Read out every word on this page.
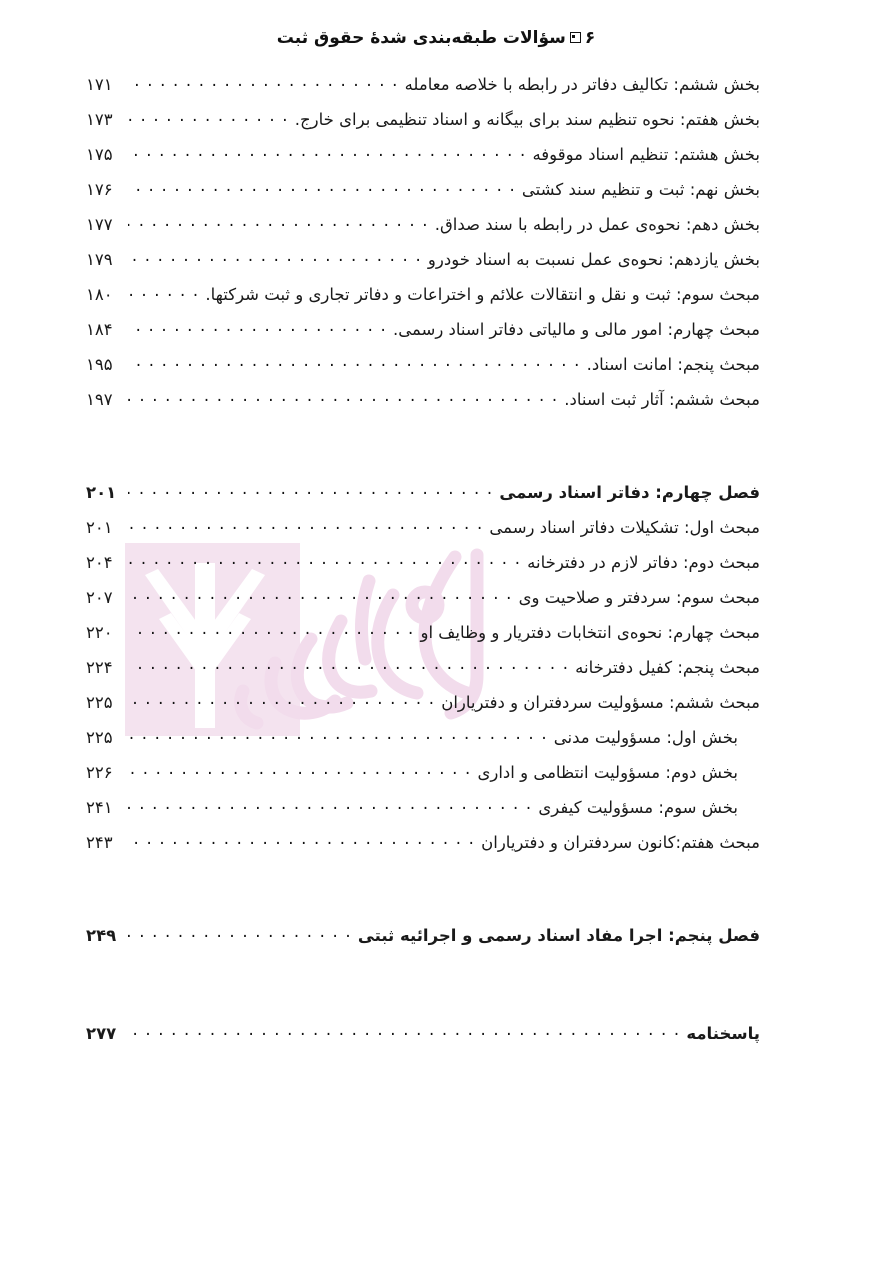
۶سؤالات طبقه‌بندی شدهٔ حقوق ثبت
بخش ششم: تکالیف دفاتر در رابطه با خلاصه معامله
. . .
۱۷۱
بخش هفتم: نحوه تنظیم سند برای بیگانه و اسناد تنظیمی برای خارج.
. . .
۱۷۳
بخش هشتم: تنظیم اسناد موقوفه
. . .
۱۷۵
بخش نهم: ثبت و تنظیم سند کشتی
. . .
۱۷۶
بخش دهم: نحوه‌ی عمل در رابطه با سند صداق.
. . .
۱۷۷
بخش یازدهم: نحوه‌ی عمل نسبت به اسناد خودرو
. . .
۱۷۹
مبحث سوم: ثبت و نقل و انتقالات علائم و اختراعات و دفاتر تجاری و ثبت شرکتها.
. . .
۱۸۰
مبحث چهارم: امور مالی و مالیاتی دفاتر اسناد رسمی.
. . .
۱۸۴
مبحث پنجم: امانت اسناد.
. . .
۱۹۵
مبحث ششم: آثار ثبت اسناد.
. . .
۱۹۷
فصل چهارم: دفاتر اسناد رسمی
. . .
۲۰۱
مبحث اول: تشکیلات دفاتر اسناد رسمی
. . .
۲۰۱
مبحث دوم: دفاتر لازم در دفترخانه
. . .
۲۰۴
مبحث سوم: سردفتر و صلاحیت وی
. . .
۲۰۷
مبحث چهارم: نحوه‌ی انتخابات دفتریار و وظایف او
. . .
۲۲۰
مبحث پنجم: کفیل دفترخانه
. . .
۲۲۴
مبحث ششم: مسؤولیت سردفتران و دفتریاران
. . .
۲۲۵
بخش اول: مسؤولیت مدنی
. . .
۲۲۵
بخش دوم: مسؤولیت انتظامی و اداری
. . .
۲۲۶
بخش سوم: مسؤولیت کیفری
. . .
۲۴۱
مبحث هفتم:کانون سردفتران و دفتریاران
. . .
۲۴۳
فصل پنجم: اجرا مفاد اسناد رسمی و اجرائیه ثبتی
. . .
۲۴۹
پاسخنامه
. . .
۲۷۷
